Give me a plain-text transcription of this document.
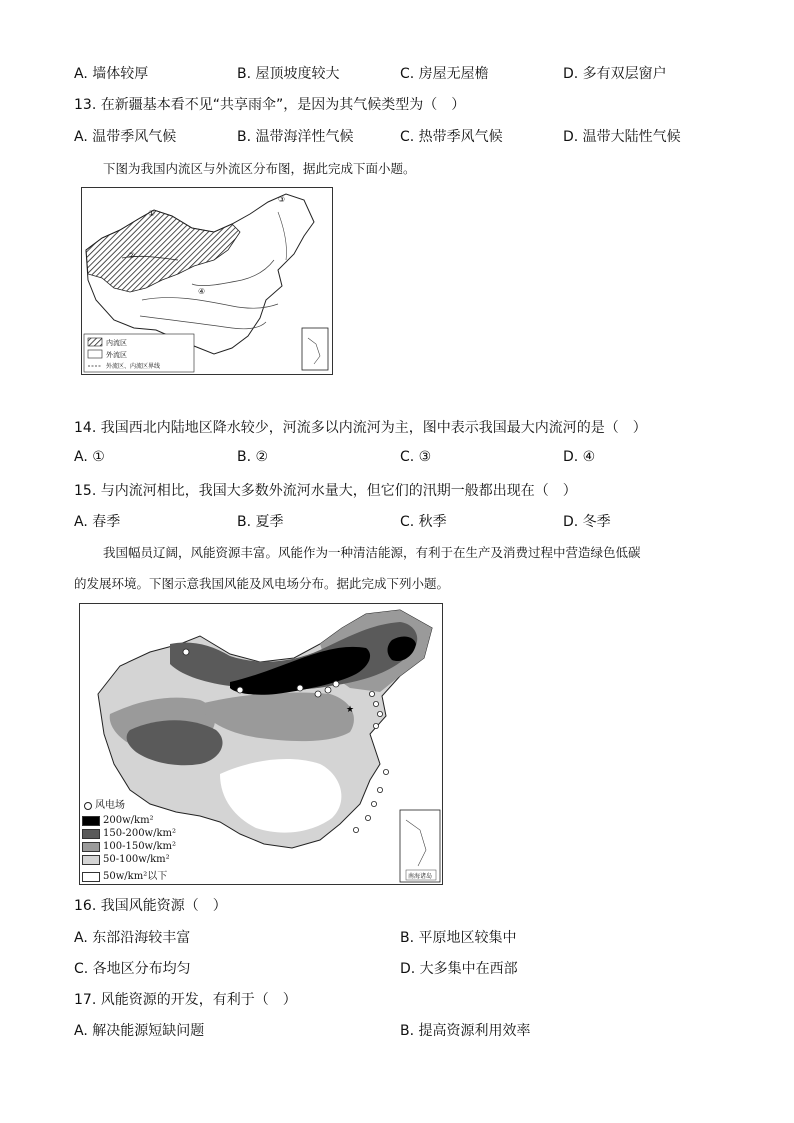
A. 墙体较厚	B. 屋顶坡度较大	C. 房屋无屋檐	D. 多有双层窗户
13. 在新疆基本看不见“共享雨伞”，是因为其气候类型为（　）
A. 温带季风气候	B. 温带海洋性气候	C. 热带季风气候	D. 温带大陆性气候
下图为我国内流区与外流区分布图，据此完成下面小题。
①
②
③
④
内流区
外流区
外流区、内流区界线
14. 我国西北内陆地区降水较少，河流多以内流河为主，图中表示我国最大内流河的是（　）
A. ①	B. ②	C. ③	D. ④
15. 与内流河相比，我国大多数外流河水量大，但它们的汛期一般都出现在（　）
A. 春季	B. 夏季	C. 秋季	D. 冬季
我国幅员辽阔，风能资源丰富。风能作为一种清洁能源，有利于在生产及消费过程中营造绿色低碳
的发展环境。下图示意我国风能及风电场分布。据此完成下列小题。
★
南海诸岛
风电场
200w/km²
150-200w/km²
100-150w/km²
50-100w/km²
50w/km²以下
16. 我国风能资源（　）
A. 东部沿海较丰富	B. 平原地区较集中
C. 各地区分布均匀	D. 大多集中在西部
17. 风能资源的开发，有利于（　）
A. 解决能源短缺问题	B. 提高资源利用效率
